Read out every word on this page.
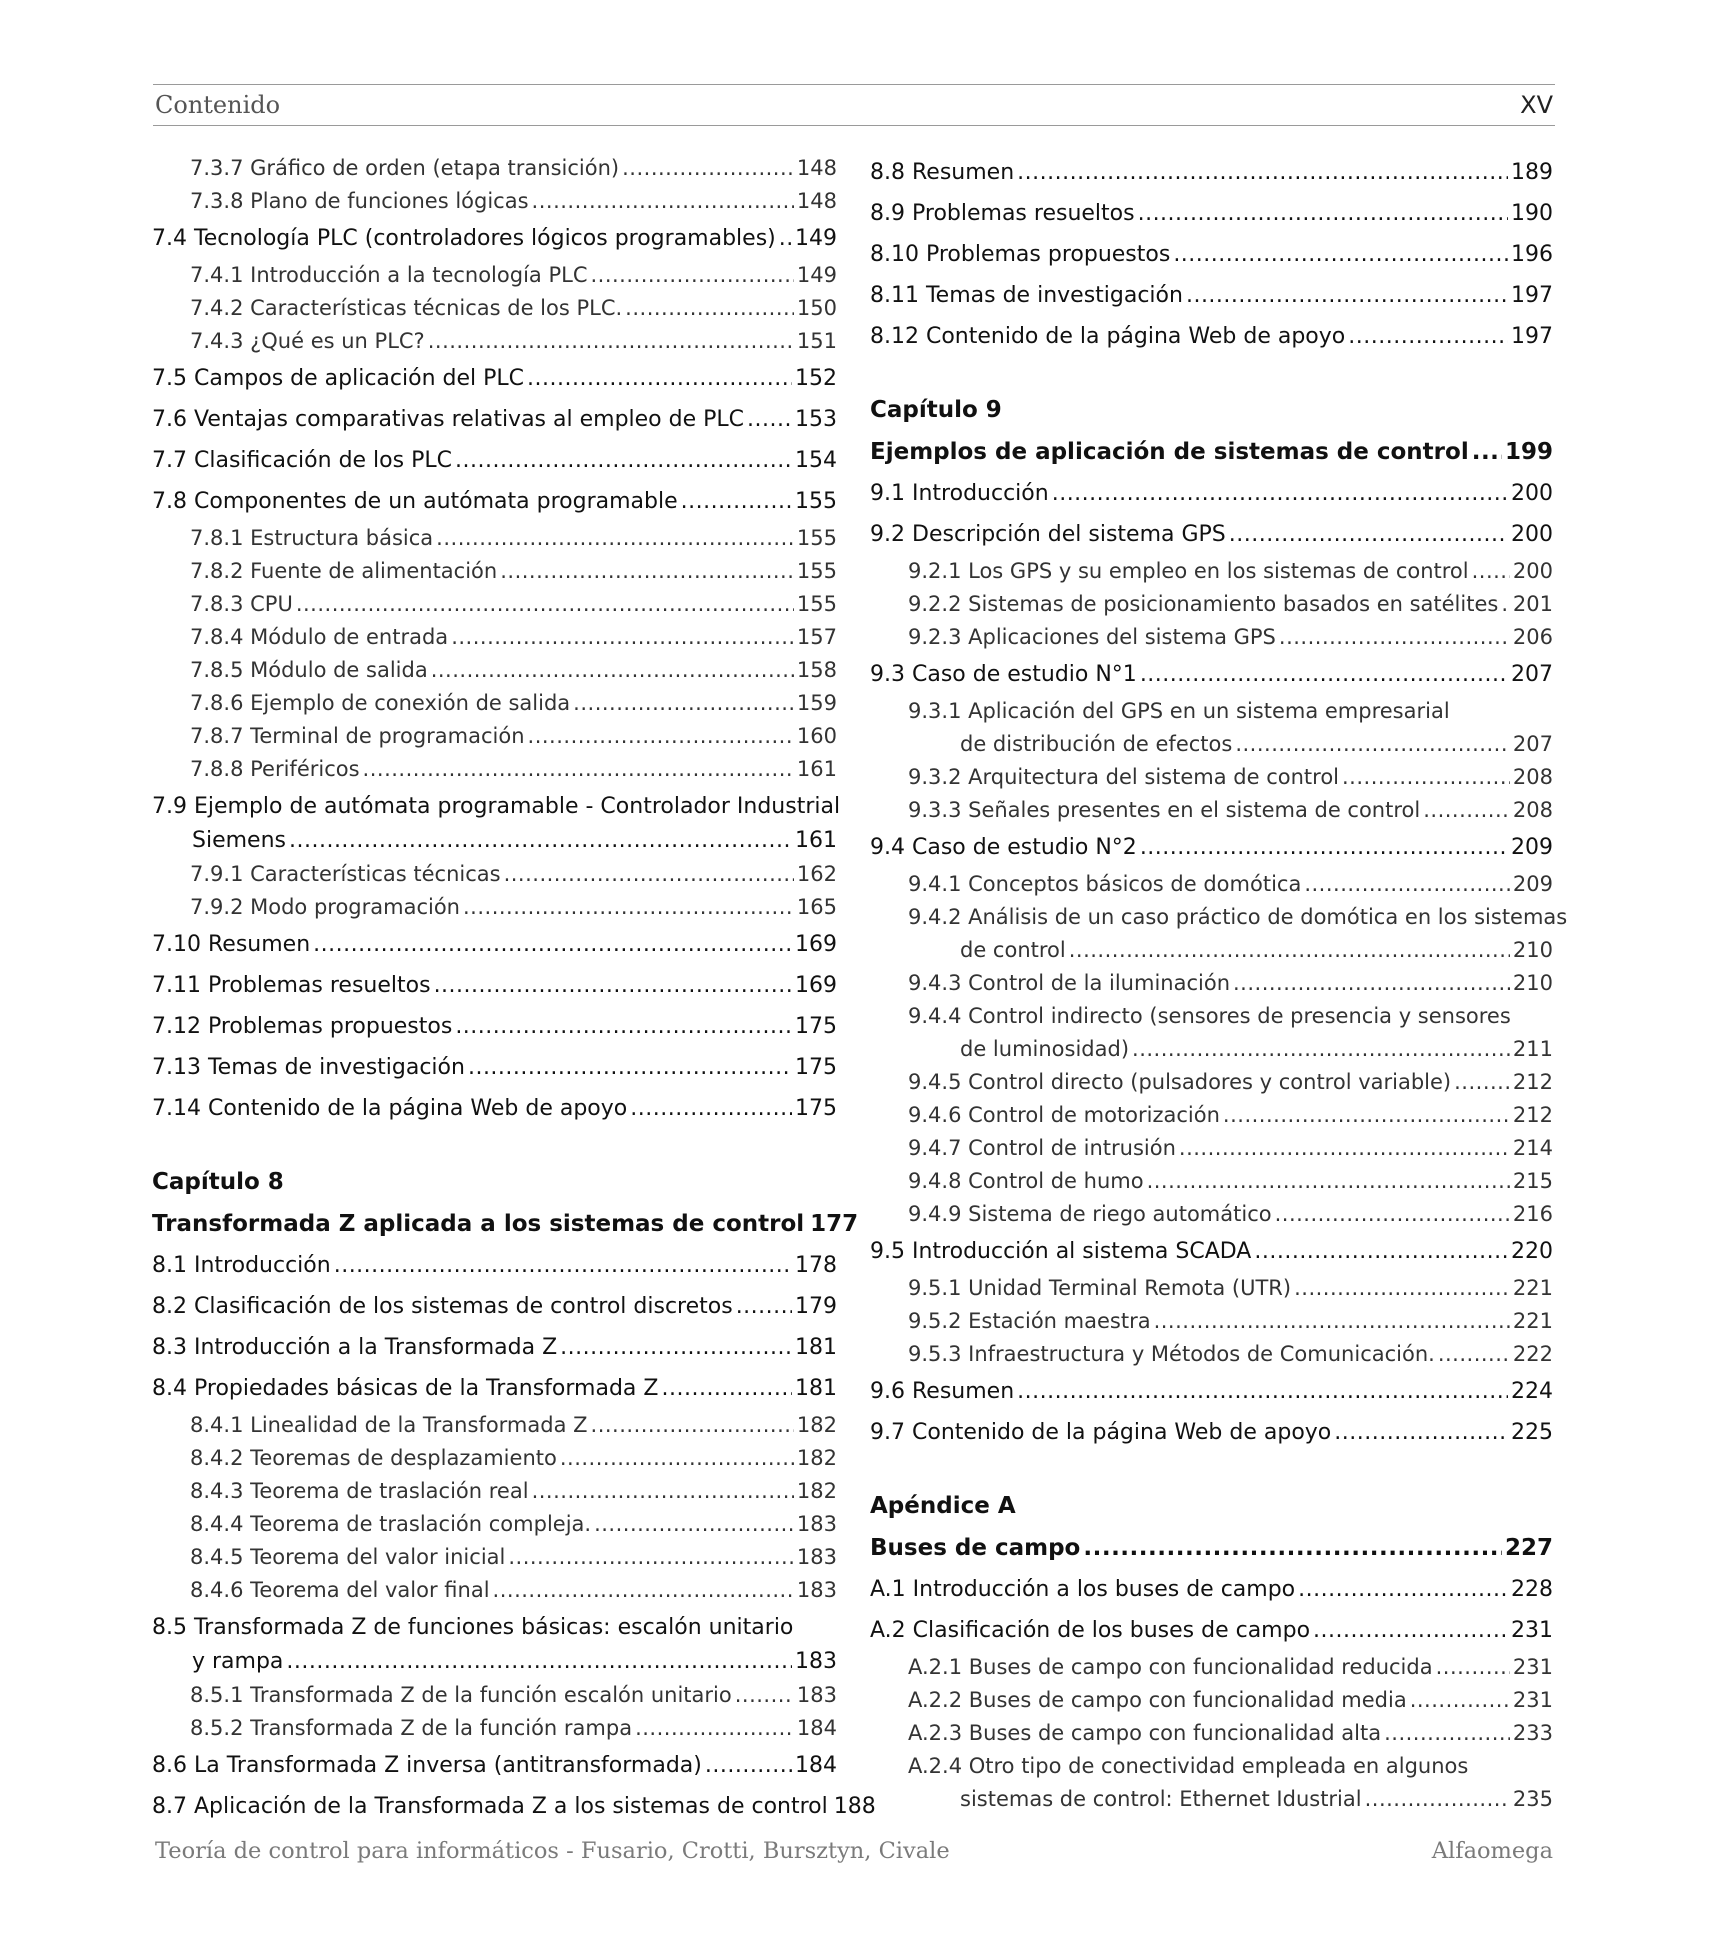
Contenido	XV
7.3.7 Gráfico de orden (etapa transición) .....	148
7.3.8 Plano de funciones lógicas .....	148
7.4 Tecnología PLC (controladores lógicos programables) ..... 149
7.4.1 Introducción a la tecnología PLC .....	149
7.4.2 Características técnicas de los PLC. .....	150
7.4.3 ¿Qué es un PLC? .....	151
7.5 Campos de aplicación del PLC .....	152
7.6 Ventajas comparativas relativas al empleo de PLC ..... 153
7.7 Clasificación de los PLC .....	154
7.8 Componentes de un autómata programable .....	155
7.8.1 Estructura básica .....	155
7.8.2 Fuente de alimentación .....	155
7.8.3 CPU .....	155
7.8.4 Módulo de entrada .....	157
7.8.5 Módulo de salida .....	158
7.8.6 Ejemplo de conexión de salida .....	159
7.8.7 Terminal de programación .....	160
7.8.8 Periféricos .....	161
7.9 Ejemplo de autómata programable - Controlador Industrial
Siemens .....	161
7.9.1 Características técnicas .....	162
7.9.2 Modo programación .....	165
7.10 Resumen .....	169
7.11 Problemas resueltos .....	169
7.12 Problemas propuestos .....	175
7.13 Temas de investigación .....	175
7.14 Contenido de la página Web de apoyo .....	175
Capítulo 8
Transformada Z aplicada a los sistemas de control 177
8.1 Introducción .....	178
8.2 Clasificación de los sistemas de control discretos .....	179
8.3 Introducción a la Transformada Z .....	181
8.4 Propiedades básicas de la Transformada Z .....	181
8.4.1 Linealidad de la Transformada Z .....	182
8.4.2 Teoremas de desplazamiento .....	182
8.4.3 Teorema de traslación real .....	182
8.4.4 Teorema de traslación compleja. .....	183
8.4.5 Teorema del valor inicial .....	183
8.4.6 Teorema del valor final .....	183
8.5 Transformada Z de funciones básicas: escalón unitario
y rampa .....	183
8.5.1 Transformada Z de la función escalón unitario .....	183
8.5.2 Transformada Z de la función rampa .....	184
8.6 La Transformada Z inversa (antitransformada) .....	184
8.7 Aplicación de la Transformada Z a los sistemas de control 188
8.8 Resumen .....	189
8.9 Problemas resueltos .....	190
8.10 Problemas propuestos .....	196
8.11 Temas de investigación .....	197
8.12 Contenido de la página Web de apoyo .....	197
Capítulo 9
Ejemplos de aplicación de sistemas de control ..... 199
9.1 Introducción .....	200
9.2 Descripción del sistema GPS .....	200
9.2.1 Los GPS y su empleo en los sistemas de control ..... 200
9.2.2 Sistemas de posicionamiento basados en satélites ..... 201
9.2.3 Aplicaciones del sistema GPS .....	206
9.3 Caso de estudio N°1 .....	207
9.3.1 Aplicación del GPS en un sistema empresarial
de distribución de efectos .....	207
9.3.2 Arquitectura del sistema de control .....	208
9.3.3 Señales presentes en el sistema de control .....	208
9.4 Caso de estudio N°2 .....	209
9.4.1 Conceptos básicos de domótica .....	209
9.4.2 Análisis de un caso práctico de domótica en los sistemas
de control .....	210
9.4.3 Control de la iluminación .....	210
9.4.4 Control indirecto (sensores de presencia y sensores
de luminosidad) .....	211
9.4.5 Control directo (pulsadores y control variable) .....	212
9.4.6 Control de motorización .....	212
9.4.7 Control de intrusión .....	214
9.4.8 Control de humo .....	215
9.4.9 Sistema de riego automático .....	216
9.5 Introducción al sistema SCADA .....	220
9.5.1 Unidad Terminal Remota (UTR) .....	221
9.5.2 Estación maestra .....	221
9.5.3 Infraestructura y Métodos de Comunicación. .....	222
9.6 Resumen .....	224
9.7 Contenido de la página Web de apoyo .....	225
Apéndice A
Buses de campo .....	227
A.1 Introducción a los buses de campo .....	228
A.2 Clasificación de los buses de campo .....	231
A.2.1 Buses de campo con funcionalidad reducida .....	231
A.2.2 Buses de campo con funcionalidad media .....	231
A.2.3 Buses de campo con funcionalidad alta .....	233
A.2.4 Otro tipo de conectividad empleada en algunos
sistemas de control: Ethernet Idustrial .....	235
Teoría de control para informáticos - Fusario, Crotti, Bursztyn, Civale	Alfaomega
